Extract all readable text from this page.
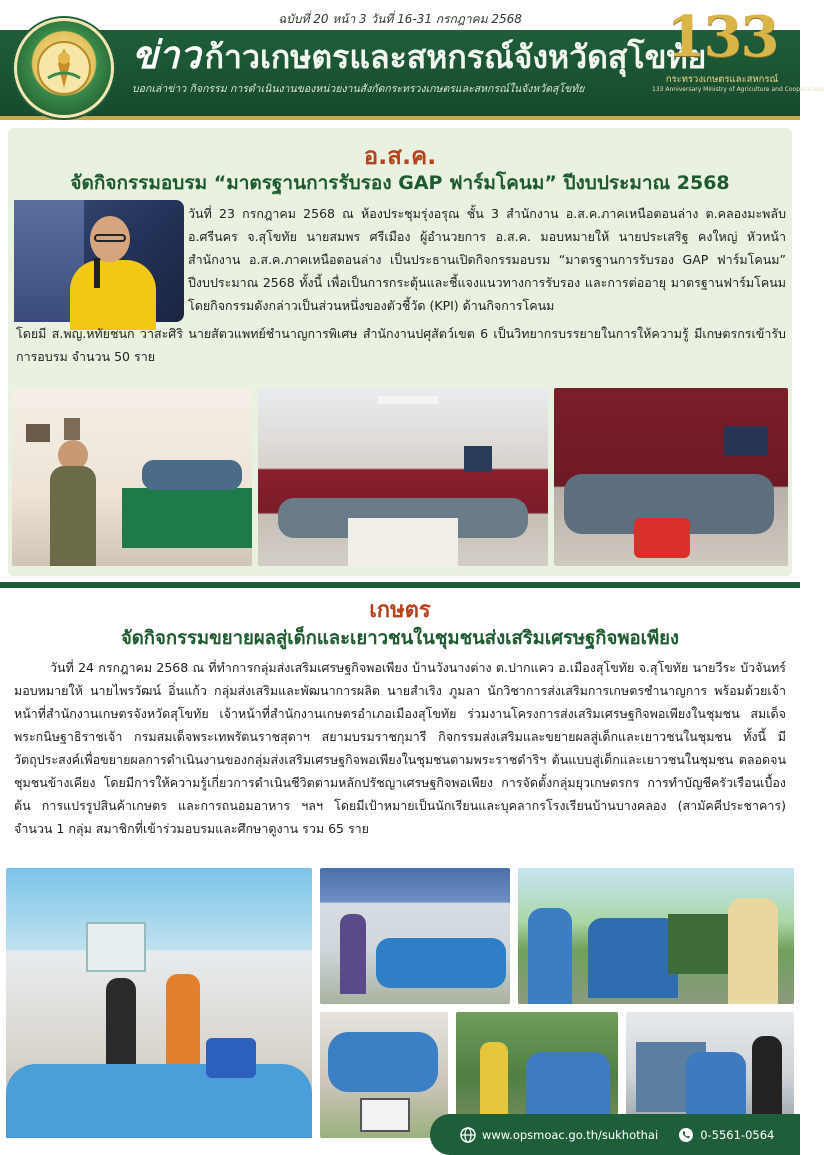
ฉบับที่ 20 หน้า 3 วันที่ 16-31 กรกฎาคม 2568
ข่าว ก้าวเกษตรและสหกรณ์จังหวัดสุโขทัย
บอกเล่าข่าว กิจกรรม การดำเนินงานของหน่วยงานสังกัดกระทรวงเกษตรและสหกรณ์ในจังหวัดสุโขทัย
133
กระทรวงเกษตรและสหกรณ์
133 Anniversary Ministry of Agriculture and Cooperatives
อ.ส.ค.
จัดกิจกรรมอบรม “มาตรฐานการรับรอง GAP ฟาร์มโคนม” ปีงบประมาณ 2568
วันที่ 23 กรกฎาคม 2568 ณ ห้องประชุมรุ่งอรุณ ชั้น 3 สำนักงาน อ.ส.ค.ภาคเหนือตอนล่าง ต.คลองมะพลับ อ.ศรีนคร จ.สุโขทัย นายสมพร ศรีเมือง ผู้อำนวยการ อ.ส.ค. มอบหมายให้ นายประเสริฐ คงใหญ่ หัวหน้าสำนักงาน อ.ส.ค.ภาคเหนือตอนล่าง เป็นประธานเปิดกิจกรรมอบรม “มาตรฐานการรับรอง GAP ฟาร์มโคนม” ปีงบประมาณ 2568 ทั้งนี้ เพื่อเป็นการกระตุ้นและชี้แจงแนวทางการรับรอง และการต่ออายุ มาตรฐานฟาร์มโคนม โดยกิจกรรมดังกล่าวเป็นส่วนหนึ่งของตัวชี้วัด (KPI) ด้านกิจการโคนม
โดยมี ส.พญ.หทัยชนก วาสะศิริ นายสัตวแพทย์ชำนาญการพิเศษ สำนักงานปศุสัตว์เขต 6 เป็นวิทยากรบรรยายในการให้ความรู้ มีเกษตรกรเข้ารับการอบรม จำนวน 50 ราย
เกษตร
จัดกิจกรรมขยายผลสู่เด็กและเยาวชนในชุมชนส่งเสริมเศรษฐกิจพอเพียง
วันที่ 24 กรกฎาคม 2568 ณ ที่ทำการกลุ่มส่งเสริมเศรษฐกิจพอเพียง บ้านวังนางต่าง ต.ปากแคว อ.เมืองสุโขทัย จ.สุโขทัย นายวีระ บัวจันทร์ มอบหมายให้ นายไพรวัฒน์ อิ่นแก้ว กลุ่มส่งเสริมและพัฒนาการผลิต นายสำเริง ภูมลา นักวิชาการส่งเสริมการเกษตรชำนาญการ พร้อมด้วยเจ้าหน้าที่สำนักงานเกษตรจังหวัดสุโขทัย เจ้าหน้าที่สำนักงานเกษตรอำเภอเมืองสุโขทัย ร่วมงานโครงการส่งเสริมเศรษฐกิจพอเพียงในชุมชน สมเด็จพระกนิษฐาธิราชเจ้า กรมสมเด็จพระเทพรัตนราชสุดาฯ สยามบรมราชกุมารี กิจกรรมส่งเสริมและขยายผลสู่เด็กและเยาวชนในชุมชน ทั้งนี้ มีวัตถุประสงค์เพื่อขยายผลการดำเนินงานของกลุ่มส่งเสริมเศรษฐกิจพอเพียงในชุมชนตามพระราชดำริฯ ต้นแบบสู่เด็กและเยาวชนในชุมชน ตลอดจนชุมชนข้างเคียง โดยมีการให้ความรู้เกี่ยวการดำเนินชีวิตตามหลักปรัชญาเศรษฐกิจพอเพียง การจัดตั้งกลุ่มยุวเกษตรกร การทำบัญชีครัวเรือนเบื้องต้น การแปรรูปสินค้าเกษตร และการถนอมอาหาร ฯลฯ โดยมีเป้าหมายเป็นนักเรียนและบุคลากรโรงเรียนบ้านบางคลอง (สามัคคีประชาคาร) จำนวน 1 กลุ่ม สมาชิกที่เข้าร่วมอบรมและศึกษาดูงาน รวม 65 ราย
www.opsmoac.go.th/sukhothai	0-5561-0564
